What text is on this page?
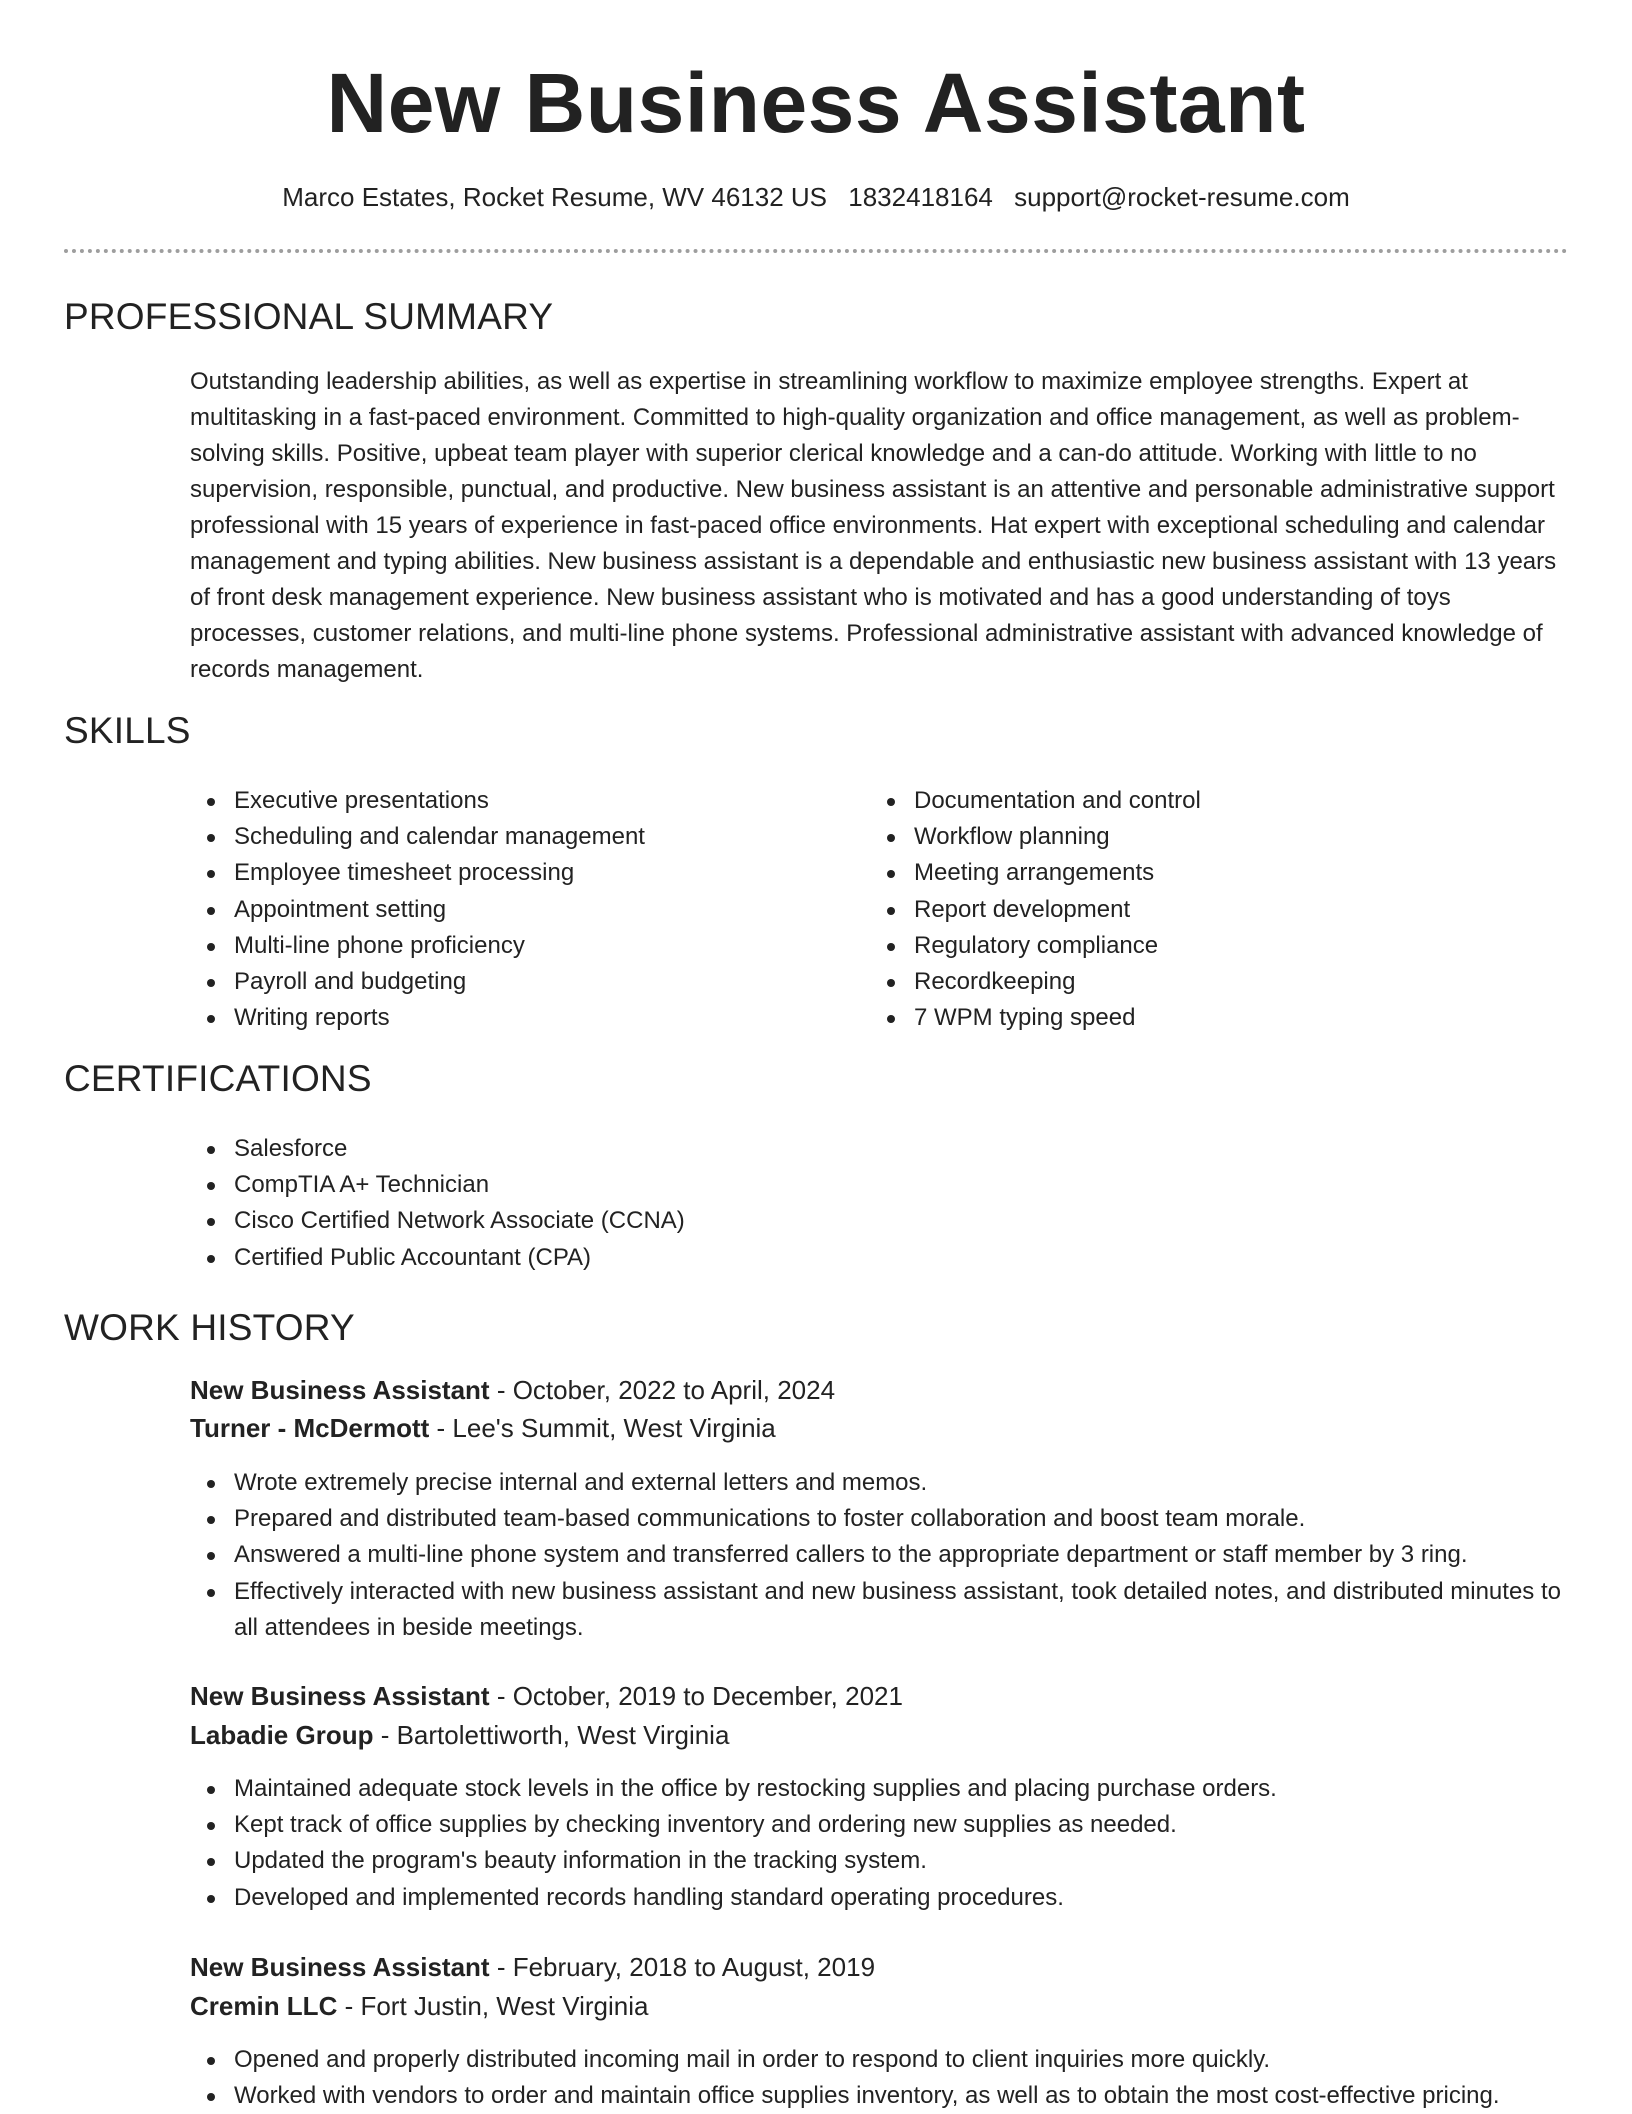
New Business Assistant
Marco Estates, Rocket Resume, WV 46132 US 1832418164 support@rocket-resume.com
PROFESSIONAL SUMMARY

Outstanding leadership abilities, as well as expertise in streamlining workflow to maximize employee strengths. Expert at multitasking in a fast-paced environment. Committed to high-quality organization and office management, as well as problem-solving skills. Positive, upbeat team player with superior clerical knowledge and a can-do attitude. Working with little to no supervision, responsible, punctual, and productive. New business assistant is an attentive and personable administrative support professional with 15 years of experience in fast-paced office environments. Hat expert with exceptional scheduling and calendar management and typing abilities. New business assistant is a dependable and enthusiastic new business assistant with 13 years of front desk management experience. New business assistant who is motivated and has a good understanding of toys processes, customer relations, and multi-line phone systems. Professional administrative assistant with advanced knowledge of records management.

SKILLS
Executive presentations
Scheduling and calendar management
Employee timesheet processing
Appointment setting
Multi-line phone proficiency
Payroll and budgeting
Writing reports
Documentation and control
Workflow planning
Meeting arrangements
Report development
Regulatory compliance
Recordkeeping
7 WPM typing speed
CERTIFICATIONS
Salesforce
CompTIA A+ Technician
Cisco Certified Network Associate (CCNA)
Certified Public Accountant (CPA)
WORK HISTORY
New Business Assistant - October, 2022 to April, 2024
Turner - McDermott - Lee's Summit, West Virginia
Wrote extremely precise internal and external letters and memos.
Prepared and distributed team-based communications to foster collaboration and boost team morale.
Answered a multi-line phone system and transferred callers to the appropriate department or staff member by 3 ring.
Effectively interacted with new business assistant and new business assistant, took detailed notes, and distributed minutes to all attendees in beside meetings.
New Business Assistant - October, 2019 to December, 2021
Labadie Group - Bartolettiworth, West Virginia
Maintained adequate stock levels in the office by restocking supplies and placing purchase orders.
Kept track of office supplies by checking inventory and ordering new supplies as needed.
Updated the program's beauty information in the tracking system.
Developed and implemented records handling standard operating procedures.
New Business Assistant - February, 2018 to August, 2019
Cremin LLC - Fort Justin, West Virginia
Opened and properly distributed incoming mail in order to respond to client inquiries more quickly.
Worked with vendors to order and maintain office supplies inventory, as well as to obtain the most cost-effective pricing.
